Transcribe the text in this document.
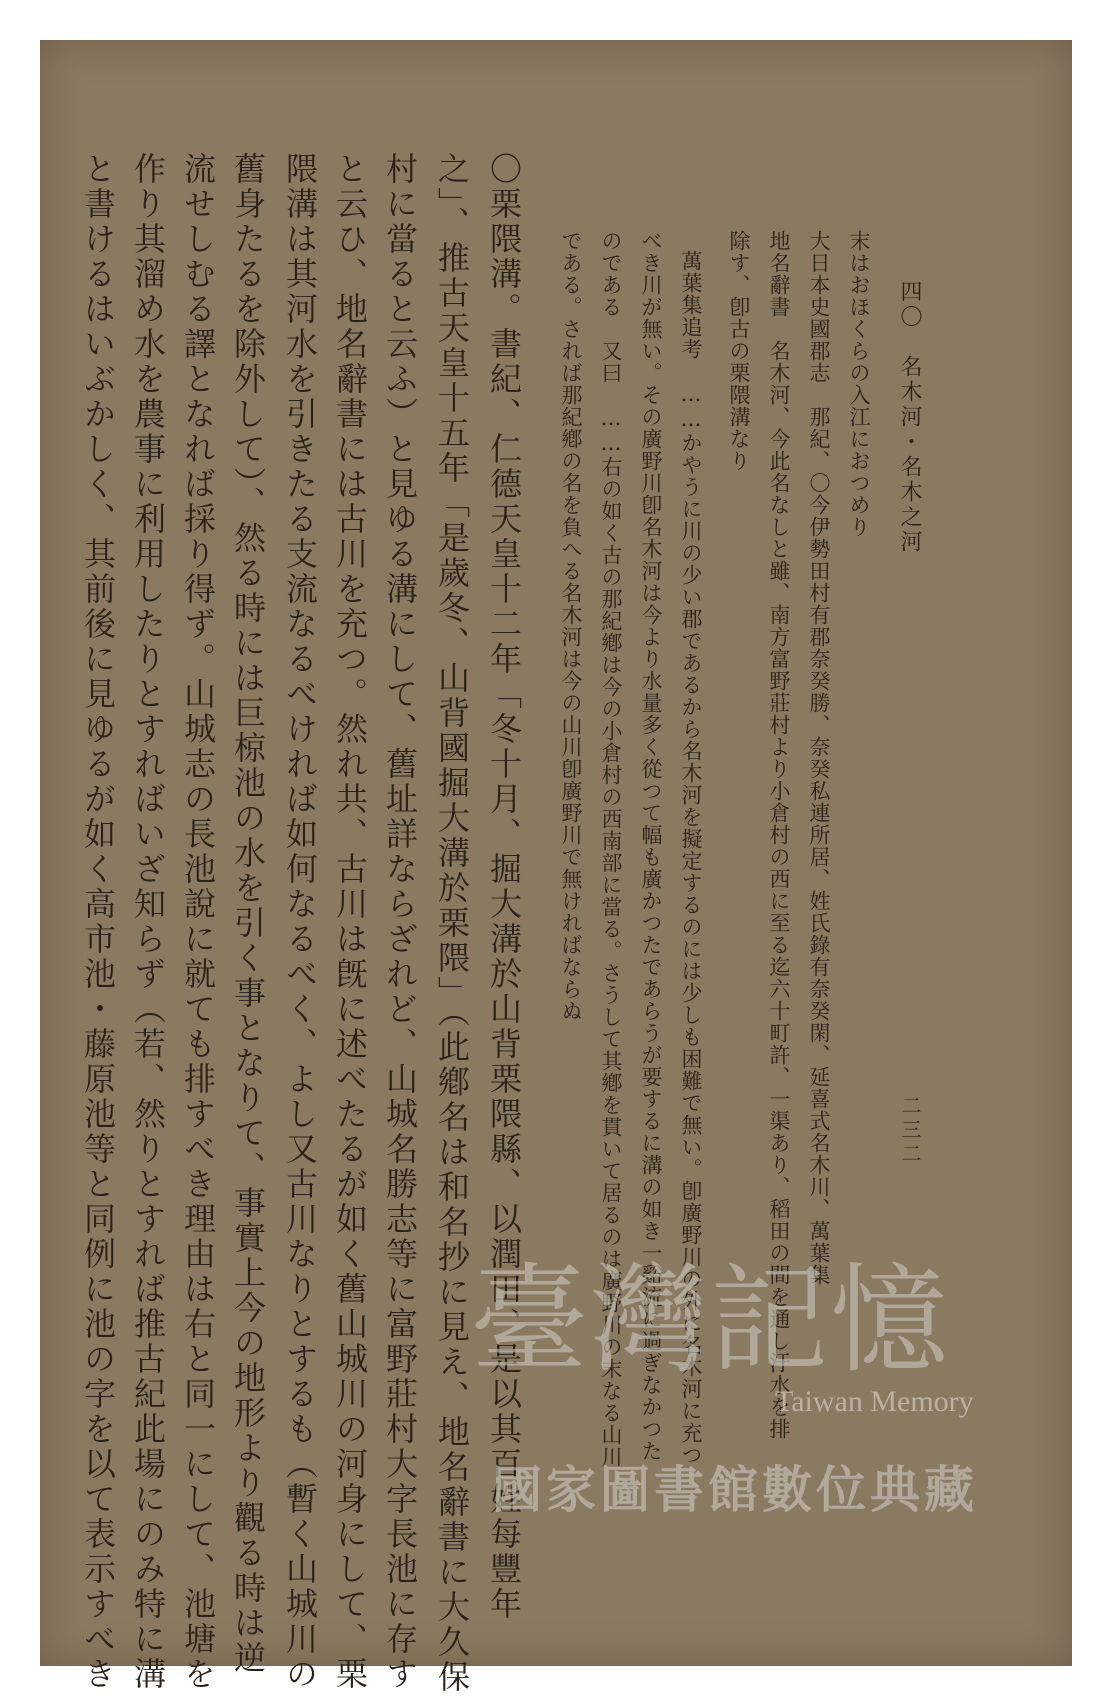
四〇　名木河・名木之河
二三二
末はおほくらの入江におつめり
大日本史國郡志　那紀、〇今伊勢田村有郡奈癸勝、奈癸私連所居、姓氏錄有奈癸閑、延喜式名木川、萬葉集
地名辭書　名木河、今此名なしと雖、南方富野莊村より小倉村の西に至る迄六十町許、一渠あり、稻田の間を通し汙水を排
除す、卽古の栗隈溝なり
萬葉集追考　……かやうに川の少い郡であるから名木河を擬定するのには少しも困難で無い。卽廣野川の外に名木河に充つ
べき川が無い。その廣野川卽名木河は今より水量多く從つて幅も廣かつたであらうが要するに溝の如き一谿流に過ぎなかつた
のである　又曰　……右の如く古の那紀鄕は今の小倉村の西南部に當る。さうして其鄕を貫いて居るのは廣野川の末なる山川
である。されば那紀鄕の名を負へる名木河は今の山川卽廣野川で無ければならぬ
〇栗隈溝。書紀、仁德天皇十二年「冬十月、掘大溝於山背栗隈縣、以潤田、是以其百姓每豐年
之」、推古天皇十五年「是歲冬、山背國掘大溝於栗隈」（此鄕名は和名抄に見え、地名辭書に大久保
村に當ると云ふ）と見ゆる溝にして、舊址詳ならざれど、山城名勝志等に富野莊村大字長池に存す
と云ひ、地名辭書には古川を充つ。然れ共、古川は旣に述べたるが如く舊山城川の河身にして、栗
隈溝は其河水を引きたる支流なるべければ如何なるべく、よし又古川なりとするも（暫く山城川の
舊身たるを除外して）、然る時には巨椋池の水を引く事となりて、事實上今の地形より觀る時は逆
流せしむる譯となれば採り得ず。山城志の長池說に就ても排すべき理由は右と同一にして、池塘を
作り其溜め水を農事に利用したりとすればいざ知らず（若、然りとすれば推古紀此場にのみ特に溝
と書けるはいぶかしく、其前後に見ゆるが如く高市池・藤原池等と同例に池の字を以て表示すべき	臺灣記憶
Taiwan Memory
國家圖書館數位典藏
